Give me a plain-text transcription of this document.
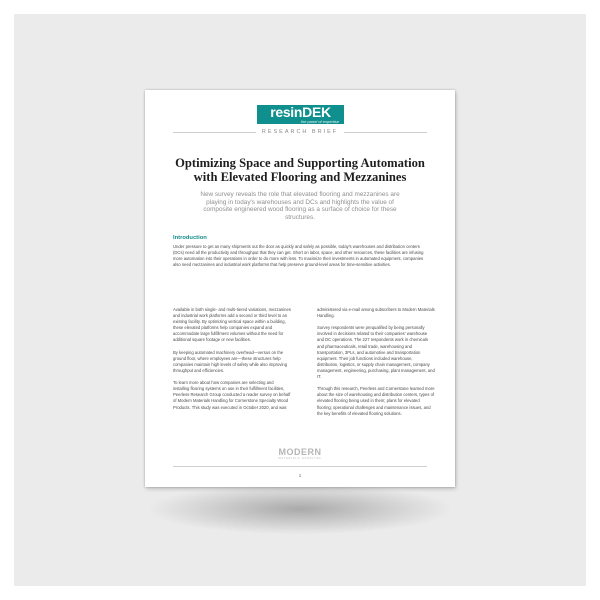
resinDEK
the panel of expertise
RESEARCH BRIEF
Optimizing Space and Supporting Automation
with Elevated Flooring and Mezzanines
New survey reveals the role that elevated flooring and mezzanines are playing in today's warehouses and DCs and highlights the value of composite engineered wood flooring as a surface of choice for these structures.
Introduction
Under pressure to get as many shipments out the door as quickly and safely as possible, today's warehouses and distribution centers (DCs) need all the productivity and throughput that they can get. Short on labor, space, and other resources, these facilities are infusing more automation into their operations in order to do more with less. To maximize their investments in automated equipment, companies also need mezzanines and industrial work platforms that help preserve ground-level areas for time-sensitive activities.

Available in both single- and multi-tiered variations, mezzanines and industrial work platforms add a second or third level to an existing facility. By optimizing vertical space within a building, these elevated platforms help companies expand and accommodate large fulfillment volumes without the need for additional square footage or new facilities.

By keeping automated machinery overhead—versus on the ground floor, where employees are—these structures help companies maintain high levels of safety while also improving throughput and efficiencies.

To learn more about how companies are selecting and installing flooring systems on use in their fulfillment facilities, Peerless Research Group conducted a reader survey on behalf of Modern Materials Handling for Cornerstone Specialty Wood Products. This study was executed in October 2020, and was

administered via e-mail among subscribers to Modern Materials Handling.

Survey respondents were prequalified by being personally involved in decisions related to their companies' warehouse and DC operations. The 227 respondents work in chemicals and pharmaceuticals, retail trade, warehousing and transportation, 3PLs, and automotive and transportation equipment. Their job functions included warehouse, distribution, logistics, or supply chain management, company management, engineering, purchasing, plant management, and IT.

Through this research, Peerless and Cornerstone learned more about the size of warehousing and distribution centers, types of elevated flooring being used in them; plans for elevated flooring; operational challenges and maintenance issues, and the key benefits of elevated flooring solutions.

MODERN
MATERIALS HANDLING
1
